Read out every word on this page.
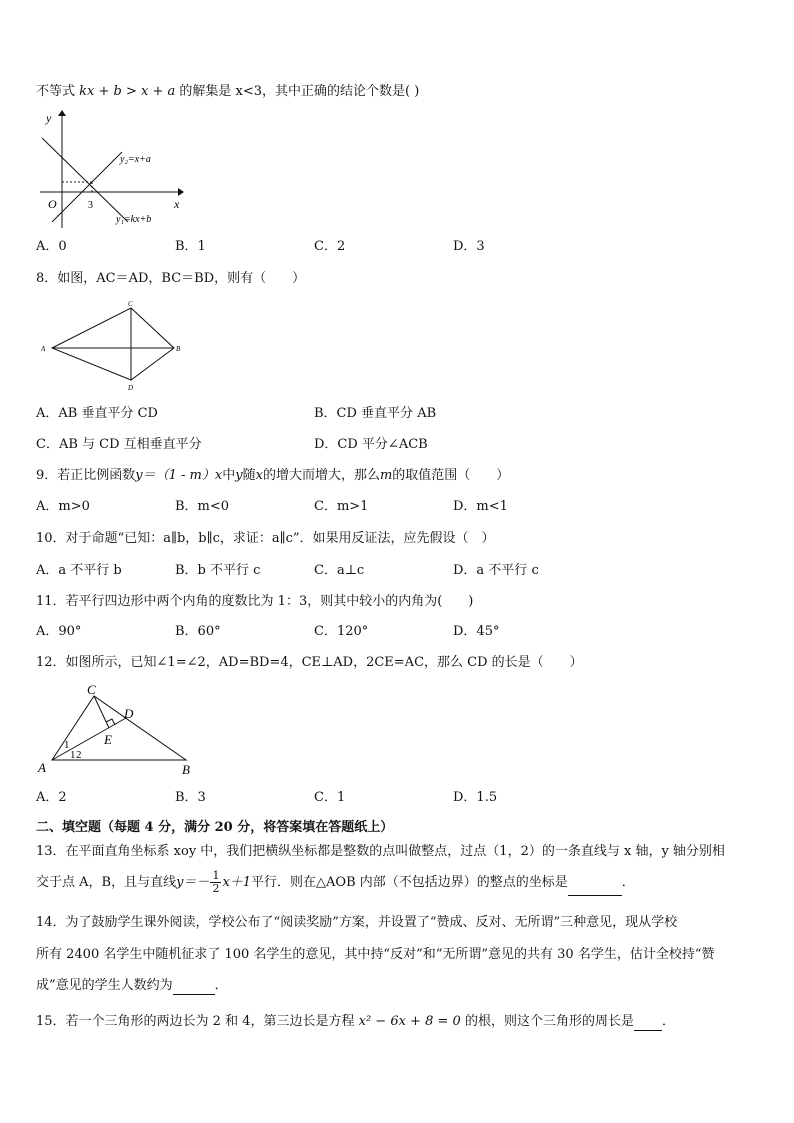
不等式 kx + b > x + a 的解集是 x<3，其中正确的结论个数是( )
y
x
O	3
y₂=x+a
y₁=kx+b
A．0	B．1	C．2	D．3
8．如图，AC＝AD，BC＝BD，则有（　　）
A	B
C
D
A．AB 垂直平分 CD	B．CD 垂直平分 AB
C．AB 与 CD 互相垂直平分	D．CD 平分∠ACB
9．若正比例函数y＝（1 - m）x中y随x的增大而增大，那么m的取值范围（　　）
A．m>0	B．m<0	C．m>1	D．m<1
10．对于命题“已知：a∥b，b∥c，求证：a∥c”．如果用反证法，应先假设（　）
A．a 不平行 b	B．b 不平行 c	C．a⊥c	D．a 不平行 c
11．若平行四边形中两个内角的度数比为 1：3，则其中较小的内角为(　　)
A．90°	B．60°	C．120°	D．45°
12．如图所示，已知∠1=∠2，AD=BD=4，CE⊥AD，2CE=AC，那么 CD 的长是（　　）
C
D
E
A	B
1
1 2
A．2	B．3	C．1	D．1.5
二、填空题（每题 4 分，满分 20 分，将答案填在答题纸上）
13．在平面直角坐标系 xoy 中，我们把横纵坐标都是整数的点叫做整点，过点（1，2）的一条直线与 x 轴，y 轴分别相
交于点 A，B，且与直线$y=- \frac{1}{2} x+1$平行．则在△AOB 内部（不包括边界）的整点的坐标是	．
14．为了鼓励学生课外阅读，学校公布了“阅读奖励”方案，并设置了“赞成、反对、无所谓”三种意见，现从学校
所有 2400 名学生中随机征求了 100 名学生的意见，其中持“反对”和“无所谓”意见的共有 30 名学生，估计全校持“赞
成”意见的学生人数约为	．
15．若一个三角形的两边长为 2 和 4，第三边长是方程 x² − 6x + 8 = 0 的根，则这个三角形的周长是 ．
